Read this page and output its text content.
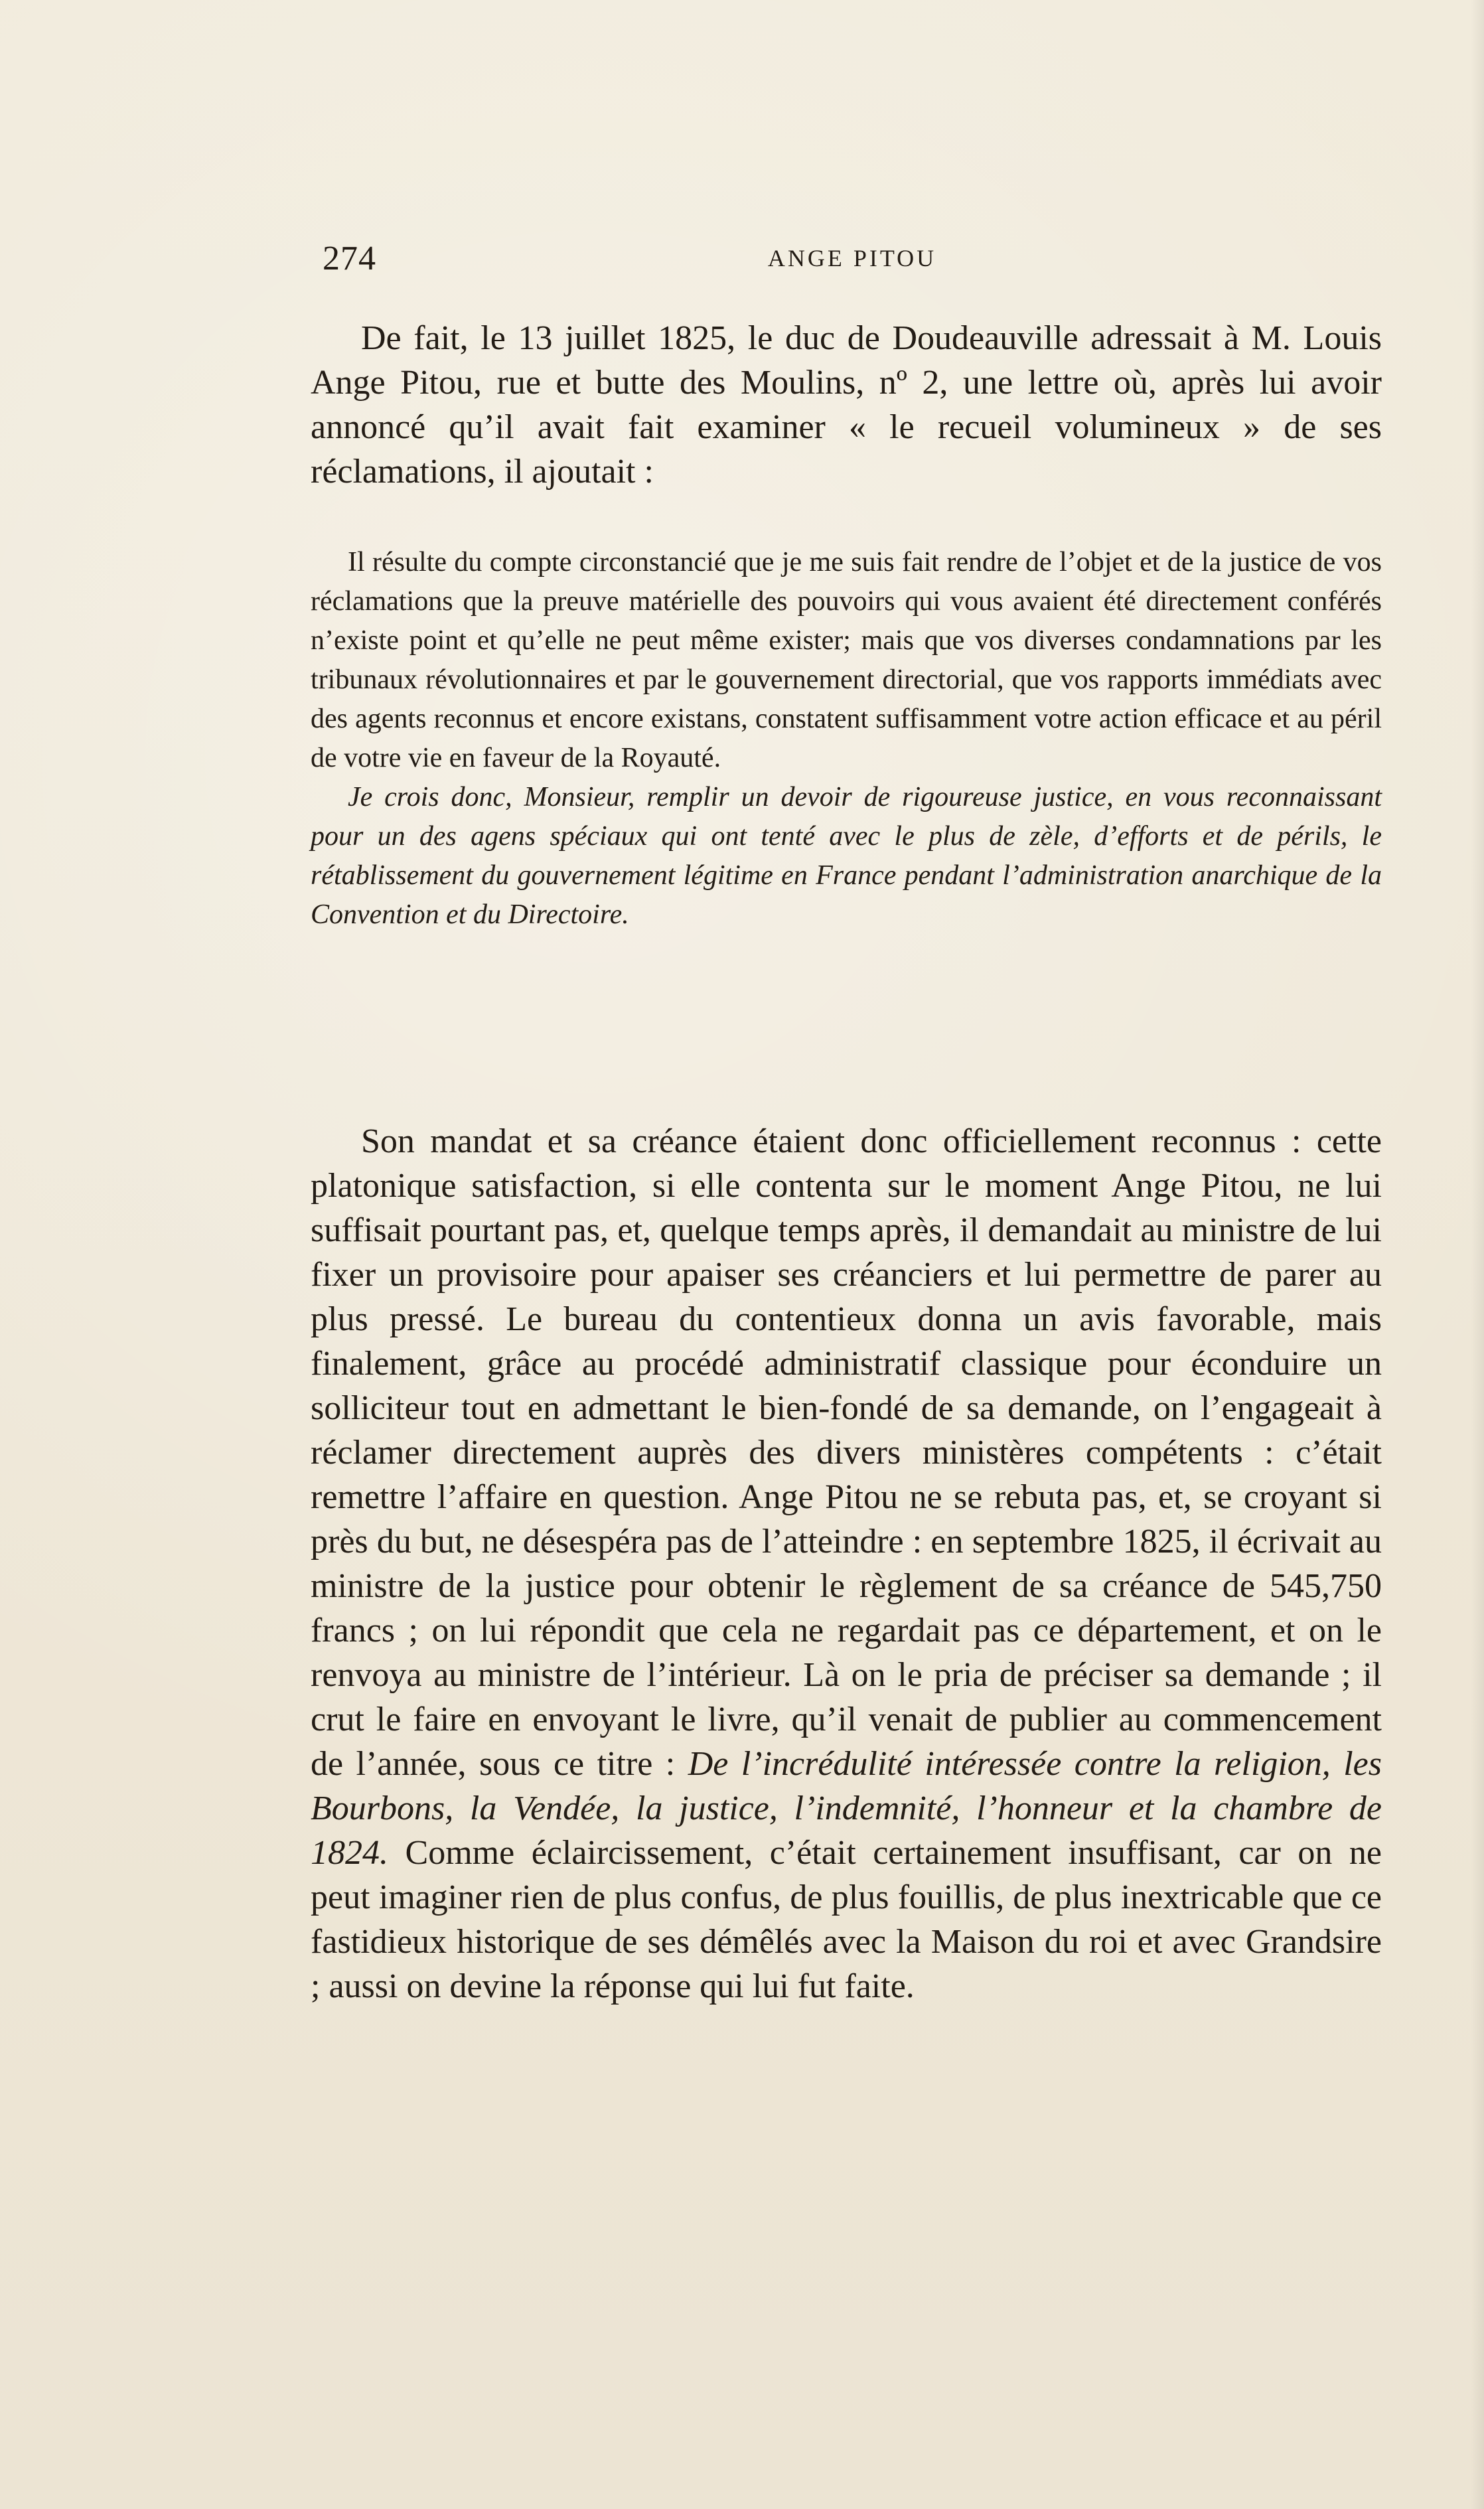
274	ANGE PITOU

De fait, le 13 juillet 1825, le duc de Doudeauville adressait à M. Louis Ange Pitou, rue et butte des Moulins, nº 2, une lettre où, après lui avoir annoncé qu’il avait fait examiner « le recueil volumineux » de ses réclamations, il ajoutait :

Il résulte du compte circonstancié que je me suis fait rendre de l’objet et de la justice de vos réclamations que la preuve matérielle des pouvoirs qui vous avaient été directement conférés n’existe point et qu’elle ne peut même exister; mais que vos diverses condamnations par les tribunaux révolutionnaires et par le gouvernement directorial, que vos rapports immédiats avec des agents reconnus et encore existans, constatent suffisamment votre action efficace et au péril de votre vie en faveur de la Royauté.

Je crois donc, Monsieur, remplir un devoir de rigoureuse justice, en vous reconnaissant pour un des agens spéciaux qui ont tenté avec le plus de zèle, d’efforts et de périls, le rétablissement du gouvernement légitime en France pendant l’administration anarchique de la Convention et du Directoire.

Son mandat et sa créance étaient donc officiellement reconnus : cette platonique satisfaction, si elle contenta sur le moment Ange Pitou, ne lui suffisait pourtant pas, et, quelque temps après, il demandait au ministre de lui fixer un provisoire pour apaiser ses créanciers et lui permettre de parer au plus pressé. Le bureau du contentieux donna un avis favorable, mais finalement, grâce au procédé administratif classique pour éconduire un solliciteur tout en admettant le bien-fondé de sa demande, on l’engageait à réclamer directement auprès des divers ministères compétents : c’était remettre l’affaire en question. Ange Pitou ne se rebuta pas, et, se croyant si près du but, ne désespéra pas de l’atteindre : en septembre 1825, il écrivait au ministre de la justice pour obtenir le règlement de sa créance de 545,750 francs ; on lui répondit que cela ne regardait pas ce département, et on le renvoya au ministre de l’intérieur. Là on le pria de préciser sa demande ; il crut le faire en envoyant le livre, qu’il venait de publier au commencement de l’année, sous ce titre : De l’incrédulité intéressée contre la religion, les Bourbons, la Vendée, la justice, l’indemnité, l’honneur et la chambre de 1824. Comme éclaircissement, c’était certainement insuffisant, car on ne peut imaginer rien de plus confus, de plus fouillis, de plus inextricable que ce fastidieux historique de ses démêlés avec la Maison du roi et avec Grandsire ; aussi on devine la réponse qui lui fut faite.
